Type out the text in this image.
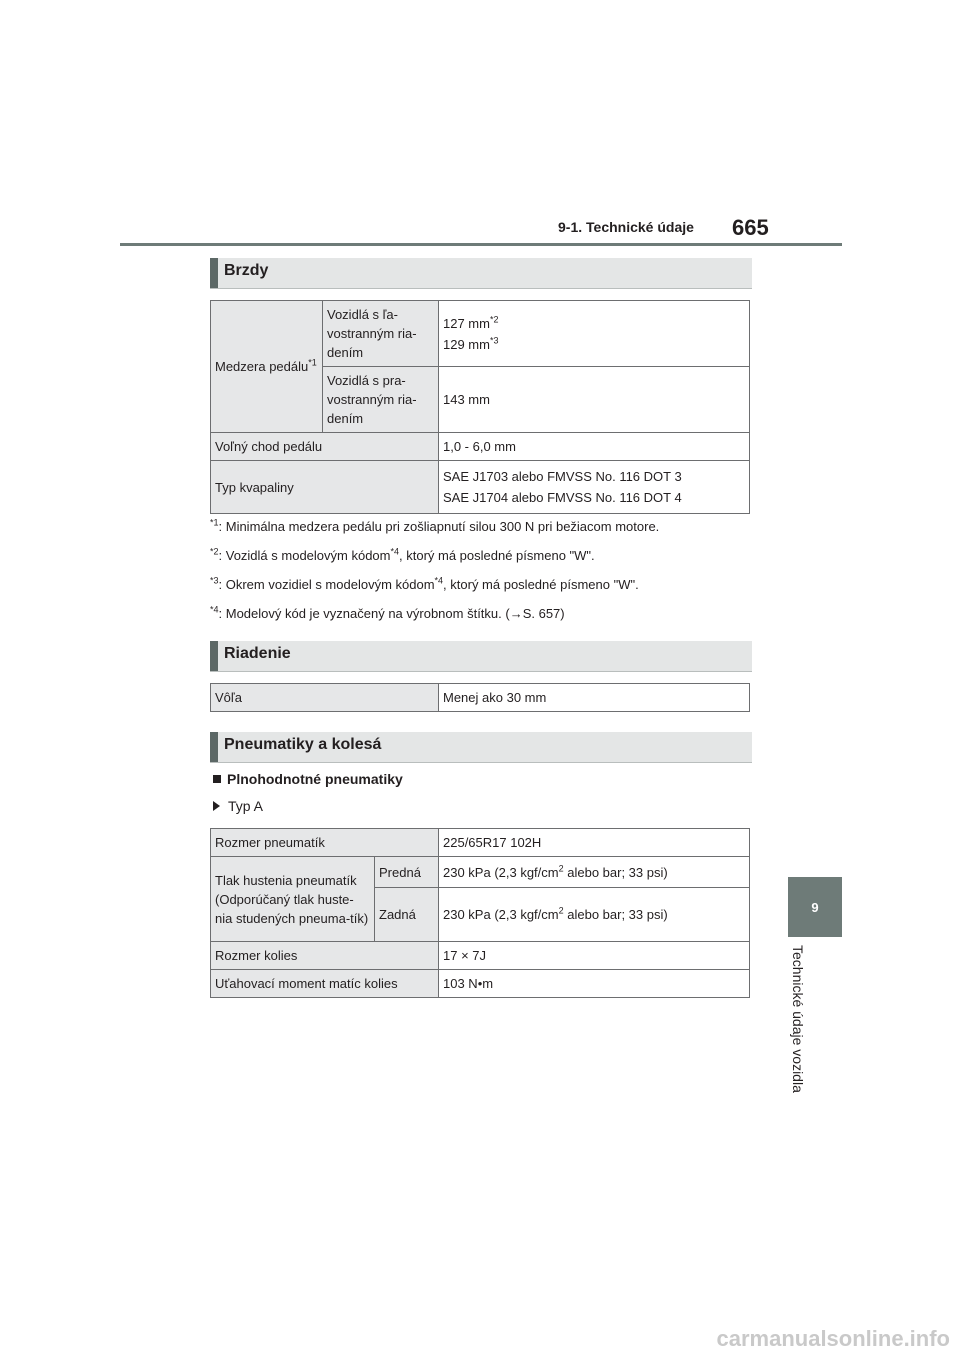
9-1. Technické údaje 665
9
Technické údaje vozidla
Brzdy
Medzera pedálu$^{*1}$	Vozidlá s ľa-vostranným ria-dením	127 $mm^{*2}$
129 $mm^{*3}$

	Vozidlá s pra-vostranným ria-dením	143 mm
Voľný chod pedálu		1,0 - 6,0 mm
Typ kvapaliny		SAE J1703 alebo FMVSS No. 116 DOT 3
SAE J1704 alebo FMVSS No. 116 DOT 4
$^{*1}$: Minimálna medzera pedálu pri zošliapnutí silou 300 N pri bežiacom motore.
$^{*2}$: Vozidlá s modelovým kódom$^{*4}$, ktorý má posledné písmeno "W".
$^{*3}$: Okrem vozidiel s modelovým kódom$^{*4}$, ktorý má posledné písmeno "W".
$^{*4}$: Modelový kód je vyznačený na výrobnom štítku. (→S. 657)
Riadenie
Vôľa	Menej ako 30 mm
Pneumatiky a kolesá
Plnohodnotné pneumatiky
Typ A
Rozmer pneumatík		225/65R17 102H
Tlak hustenia pneumatík (Odporúčaný tlak huste-nia studených pneuma-tík)	Predná	230 kPa (2,3 kgf/$cm^2$ alebo bar; 33 psi)
	Zadná	230 kPa (2,3 kgf/$cm^2$ alebo bar; 33 psi)
Rozmer kolies		17 × 7J
Uťahovací moment matíc kolies		103 N•m
carmanualsonline.info
